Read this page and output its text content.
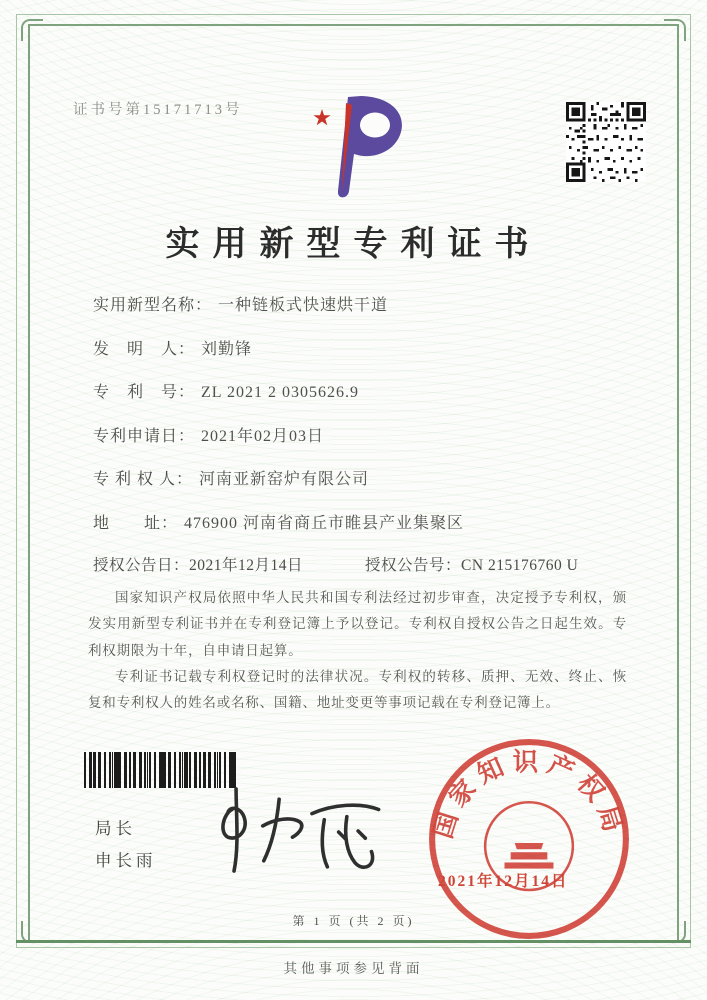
证书号第15171713号
实用新型专利证书
实用新型名称： 一种链板式快速烘干道
发　明　人： 刘勤锋
专　利　号： ZL 2021 2 0305626.9
专利申请日： 2021年02月03日
专 利 权 人： 河南亚新窑炉有限公司
地　　址： 476900 河南省商丘市睢县产业集聚区
授权公告日：2021年12月14日	授权公告号：CN 215176760 U

国家知识产权局依照中华人民共和国专利法经过初步审查，决定授予专利权，颁发实用新型专利证书并在专利登记簿上予以登记。专利权自授权公告之日起生效。专利权期限为十年，自申请日起算。

专利证书记载专利权登记时的法律状况。专利权的转移、质押、无效、终止、恢复和专利权人的姓名或名称、国籍、地址变更等事项记载在专利登记簿上。

局长
申长雨
国家知识产权局
2021年12月14日
第 1 页 (共 2 页)
其他事项参见背面
